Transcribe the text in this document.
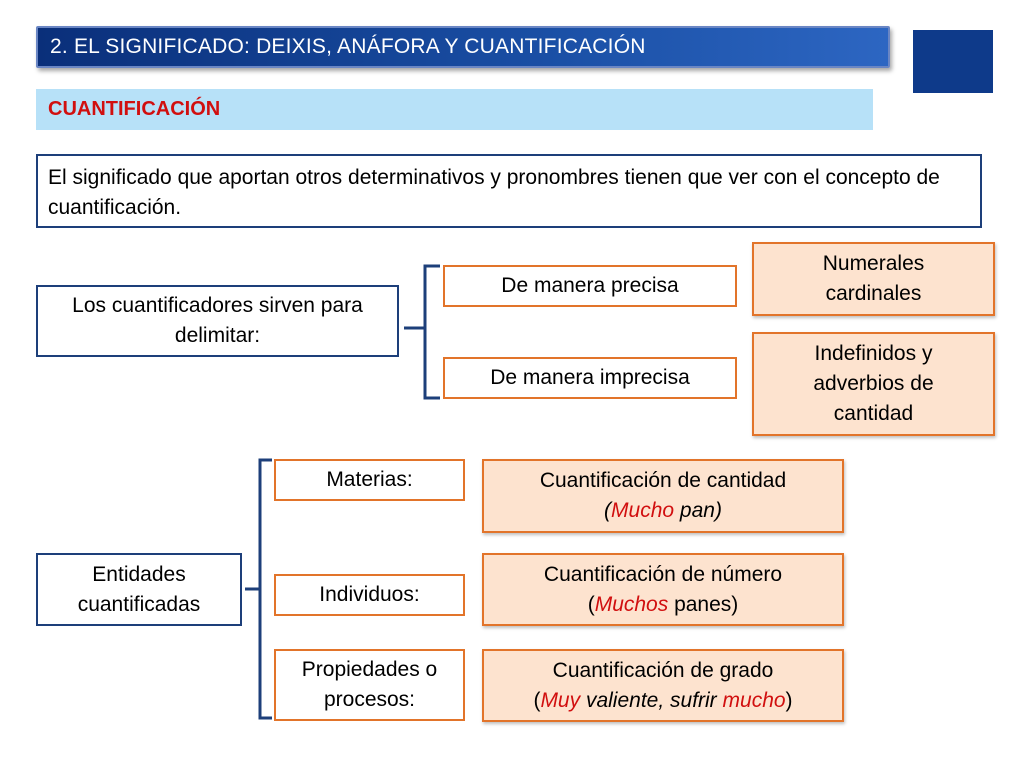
2. EL SIGNIFICADO: DEIXIS, ANÁFORA Y CUANTIFICACIÓN
CUANTIFICACIÓN
El significado que aportan otros determinativos y pronombres tienen que ver con el concepto de cuantificación.
Los cuantificadores sirven para delimitar:
De manera precisa
De manera imprecisa
Numerales cardinales
Indefinidos y adverbios de cantidad
Entidades cuantificadas
Materias:
Individuos:
Propiedades o procesos:
Cuantificación de cantidad
(Mucho pan)
Cuantificación de número
(Muchos panes)
Cuantificación de grado
(Muy valiente, sufrir mucho)
